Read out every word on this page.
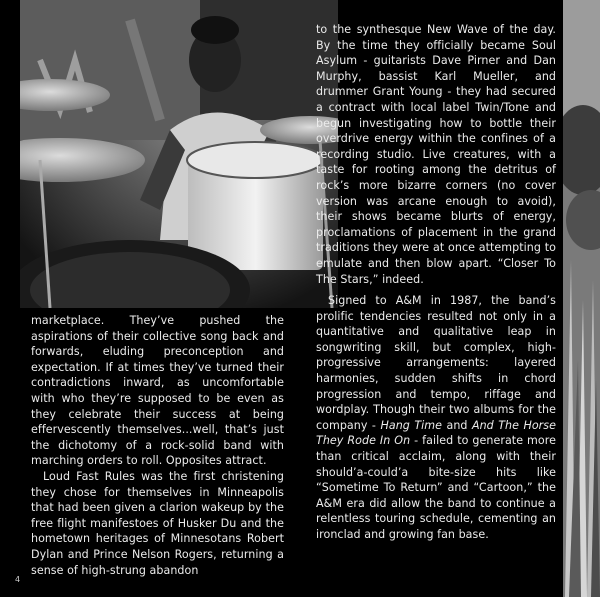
marketplace. They’ve pushed the aspirations of their collective song back and forwards, eluding preconception and expectation. If at times they’ve turned their contradictions inward, as uncomfortable with who they’re supposed to be even as they celebrate their success at being effervescently themselves...well, that’s just the dichotomy of a rock-solid band with marching orders to roll. Opposites attract.

Loud Fast Rules was the first christening they chose for themselves in Minneapolis that had been given a clarion wakeup by the free flight manifestoes of Husker Du and the hometown heritages of Minnesotans Robert Dylan and Prince Nelson Rogers, returning a sense of high-strung abandon

to the synthesque New Wave of the day. By the time they officially became Soul Asylum - guitarists Dave Pirner and Dan Murphy, bassist Karl Mueller, and drummer Grant Young - they had secured a contract with local label Twin/Tone and begun investigating how to bottle their overdrive energy within the confines of a recording studio. Live creatures, with a taste for rooting among the detritus of rock’s more bizarre corners (no cover version was arcane enough to avoid), their shows became blurts of energy, proclamations of placement in the grand traditions they were at once attempting to emulate and then blow apart. “Closer To The Stars,” indeed.

Signed to A&M in 1987, the band’s prolific tendencies resulted not only in a quantitative and qualitative leap in songwriting skill, but complex, high-progressive arrangements: layered harmonies, sudden shifts in chord progression and tempo, riffage and wordplay. Though their two albums for the company - Hang Time and And The Horse They Rode In On - failed to generate more than critical acclaim, along with their should’a-could’a bite-size hits like “Sometime To Return” and “Cartoon,” the A&M era did allow the band to continue a relentless touring schedule, cementing an ironclad and growing fan base.

4
